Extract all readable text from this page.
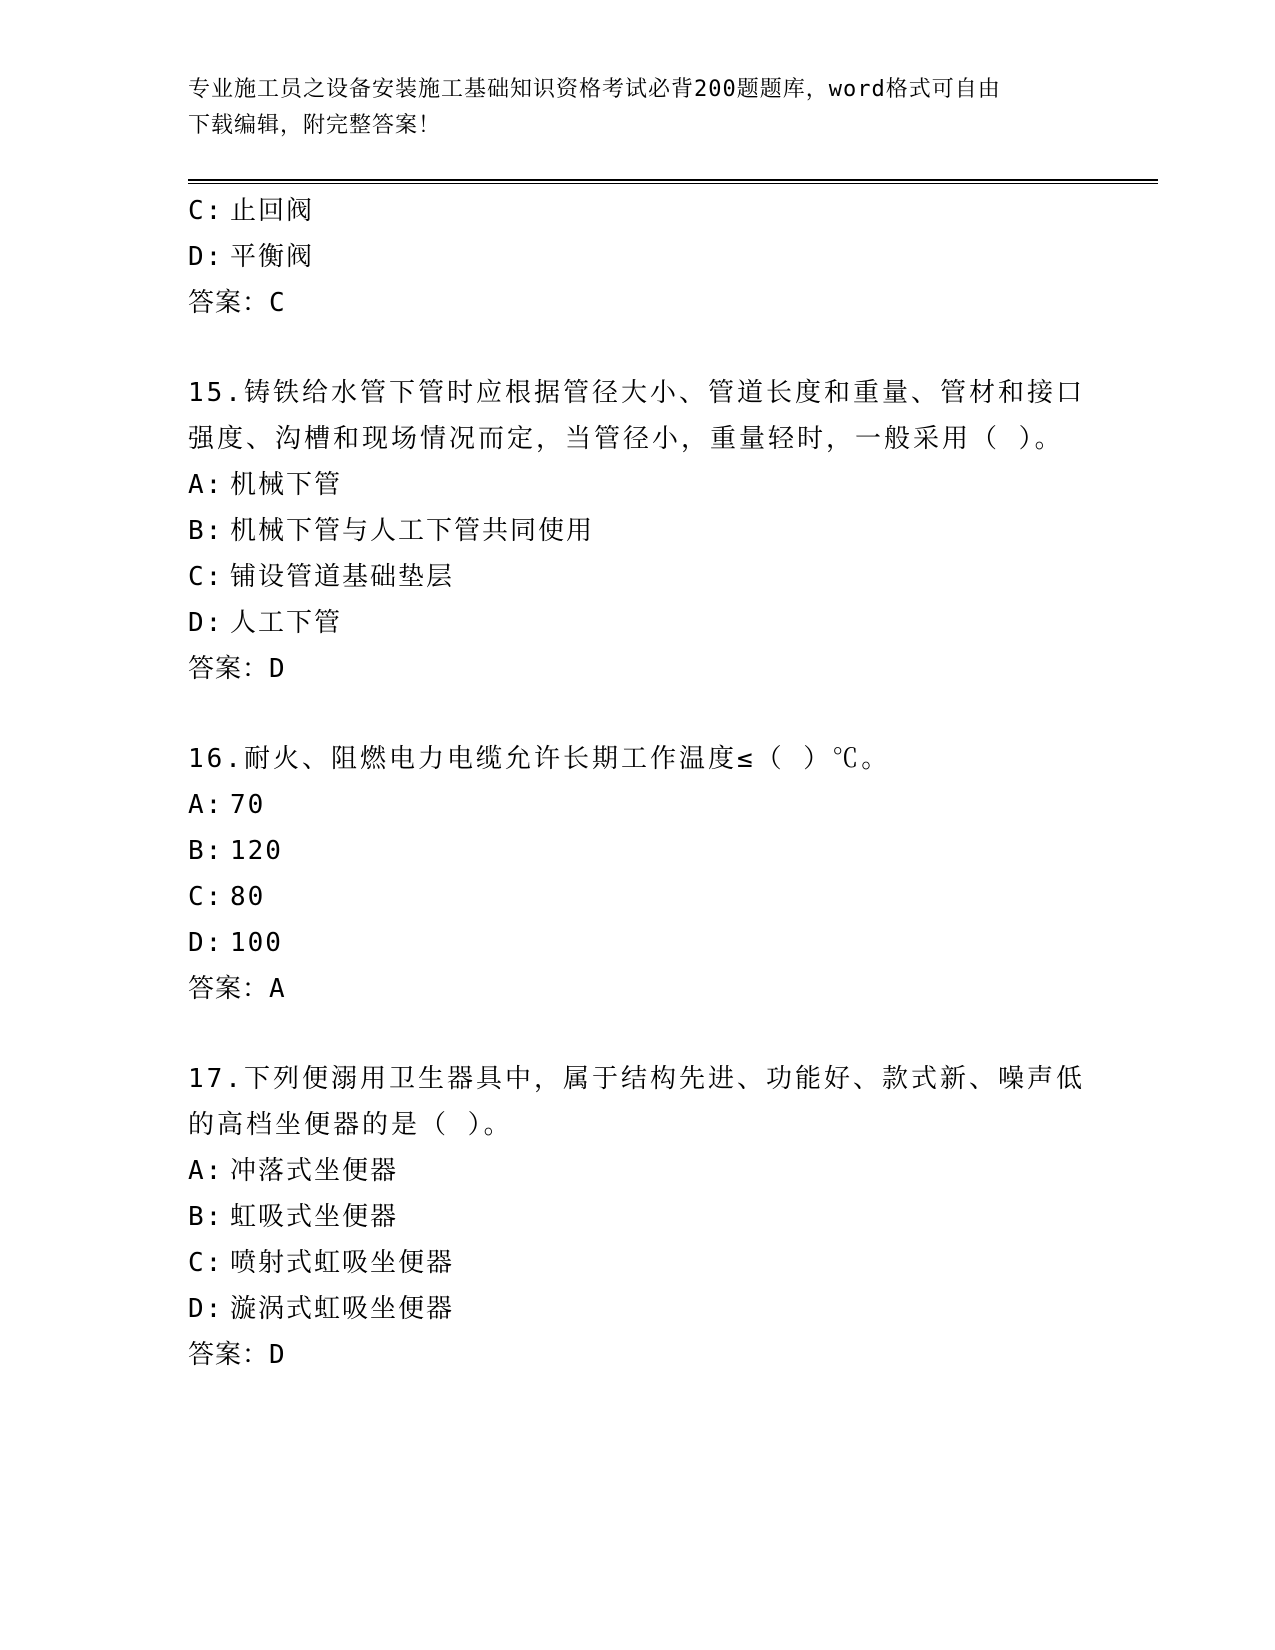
专业施工员之设备安装施工基础知识资格考试必背200题题库，word格式可自由
下载编辑，附完整答案！
C: 止回阀
D: 平衡阀
答案：C
15.铸铁给水管下管时应根据管径大小、管道长度和重量、管材和接口
强度、沟槽和现场情况而定，当管径小，重量轻时，一般采用（ ）。
A: 机械下管
B: 机械下管与人工下管共同使用
C: 铺设管道基础垫层
D: 人工下管
答案：D
16.耐火、阻燃电力电缆允许长期工作温度≤（ ）℃。
A: 70
B: 120
C: 80
D: 100
答案：A
17.下列便溺用卫生器具中，属于结构先进、功能好、款式新、噪声低
的高档坐便器的是（ ）。
A: 冲落式坐便器
B: 虹吸式坐便器
C: 喷射式虹吸坐便器
D: 漩涡式虹吸坐便器
答案：D
